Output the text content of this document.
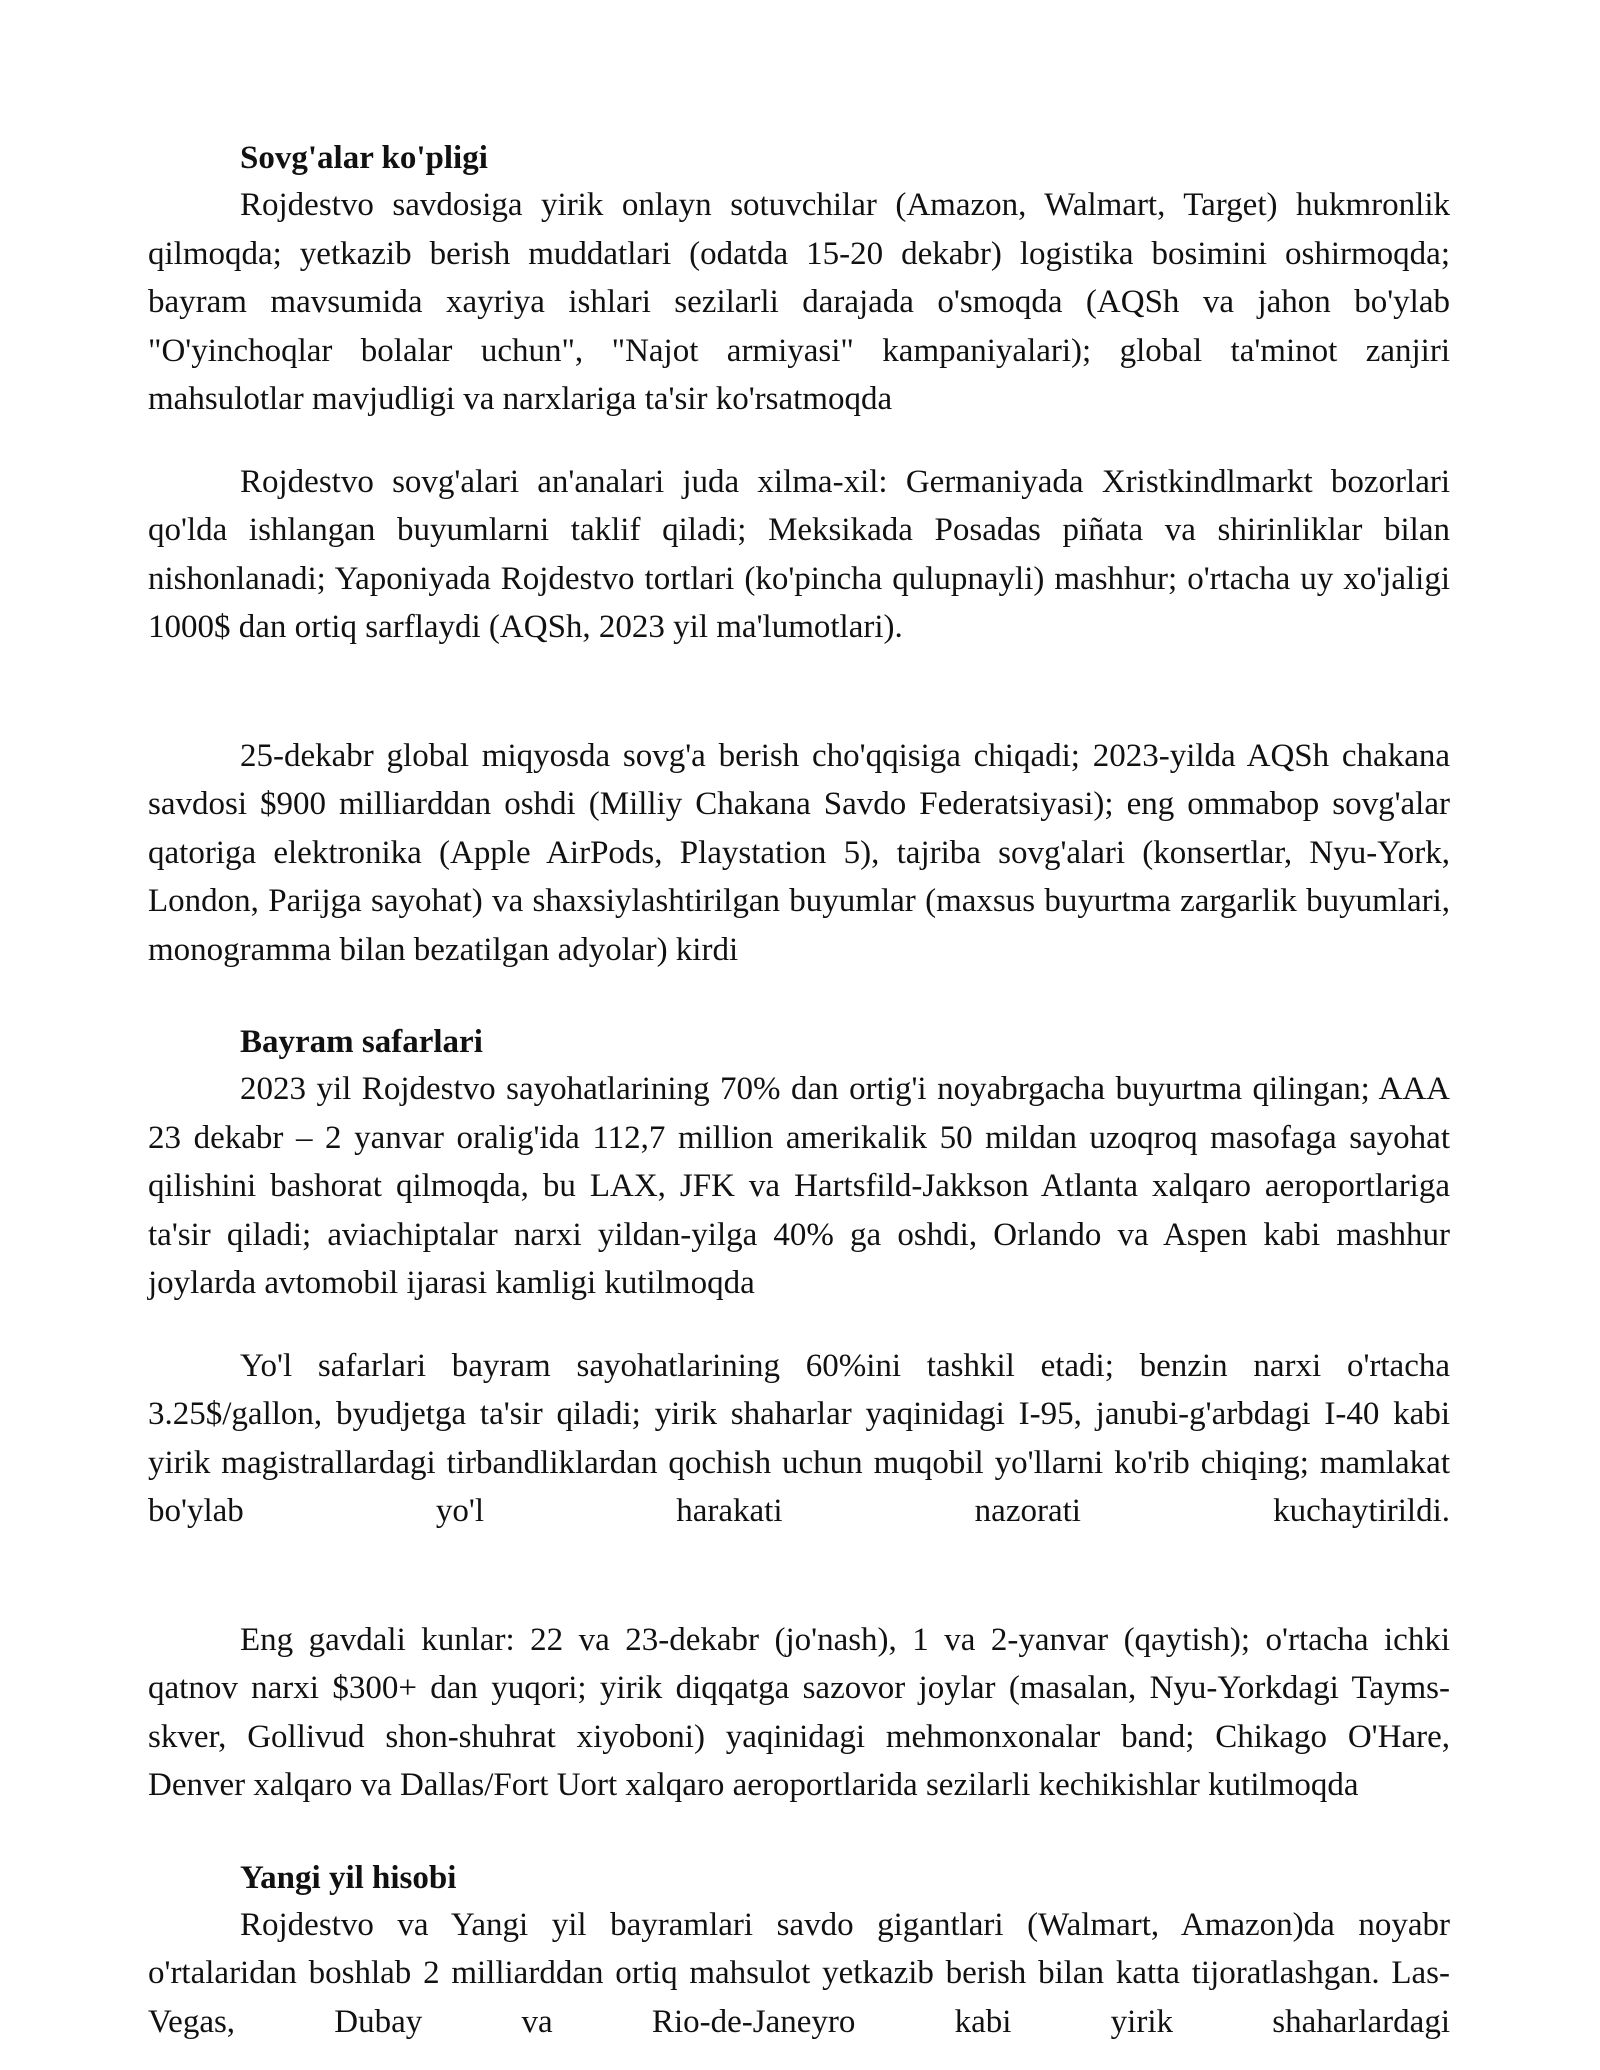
Sovg'alar ko'pligi

Rojdestvo savdosiga yirik onlayn sotuvchilar (Amazon, Walmart, Target) hukmronlik qilmoqda; yetkazib berish muddatlari (odatda 15-20 dekabr) logistika bosimini oshirmoqda; bayram mavsumida xayriya ishlari sezilarli darajada o'smoqda (AQSh va jahon bo'ylab "O'yinchoqlar bolalar uchun", "Najot armiyasi" kampaniyalari); global ta'minot zanjiri mahsulotlar mavjudligi va narxlariga ta'sir ko'rsatmoqda

Rojdestvo sovg'alari an'analari juda xilma-xil: Germaniyada Xristkindlmarkt bozorlari qo'lda ishlangan buyumlarni taklif qiladi; Meksikada Posadas piñata va shirinliklar bilan nishonlanadi; Yaponiyada Rojdestvo tortlari (ko'pincha qulupnayli) mashhur; o'rtacha uy xo'jaligi 1000$ dan ortiq sarflaydi (AQSh, 2023 yil ma'lumotlari).

25-dekabr global miqyosda sovg'a berish cho'qqisiga chiqadi; 2023-yilda AQSh chakana savdosi $900 milliarddan oshdi (Milliy Chakana Savdo Federatsiyasi); eng ommabop sovg'alar qatoriga elektronika (Apple AirPods, Playstation 5), tajriba sovg'alari (konsertlar, Nyu-York, London, Parijga sayohat) va shaxsiylashtirilgan buyumlar (maxsus buyurtma zargarlik buyumlari, monogramma bilan bezatilgan adyolar) kirdi

Bayram safarlari

2023 yil Rojdestvo sayohatlarining 70% dan ortig'i noyabrgacha buyurtma qilingan; AAA 23 dekabr – 2 yanvar oralig'ida 112,7 million amerikalik 50 mildan uzoqroq masofaga sayohat qilishini bashorat qilmoqda, bu LAX, JFK va Hartsfild-Jakkson Atlanta xalqaro aeroportlariga ta'sir qiladi; aviachiptalar narxi yildan-yilga 40% ga oshdi, Orlando va Aspen kabi mashhur joylarda avtomobil ijarasi kamligi kutilmoqda

Yo'l safarlari bayram sayohatlarining 60%ini tashkil etadi; benzin narxi o'rtacha 3.25$/gallon, byudjetga ta'sir qiladi; yirik shaharlar yaqinidagi I-95, janubi-g'arbdagi I-40 kabi yirik magistrallardagi tirbandliklardan qochish uchun muqobil yo'llarni ko'rib chiqing; mamlakat bo'ylab yo'l harakati nazorati kuchaytirildi.

Eng gavdali kunlar: 22 va 23-dekabr (jo'nash), 1 va 2-yanvar (qaytish); o'rtacha ichki qatnov narxi $300+ dan yuqori; yirik diqqatga sazovor joylar (masalan, Nyu-Yorkdagi Tayms-skver, Gollivud shon-shuhrat xiyoboni) yaqinidagi mehmonxonalar band; Chikago O'Hare, Denver xalqaro va Dallas/Fort Uort xalqaro aeroportlarida sezilarli kechikishlar kutilmoqda

Yangi yil hisobi

Rojdestvo va Yangi yil bayramlari savdo gigantlari (Walmart, Amazon)da noyabr o'rtalaridan boshlab 2 milliarddan ortiq mahsulot yetkazib berish bilan katta tijoratlashgan. Las-Vegas, Dubay va Rio-de-Janeyro kabi yirik shaharlardagi
